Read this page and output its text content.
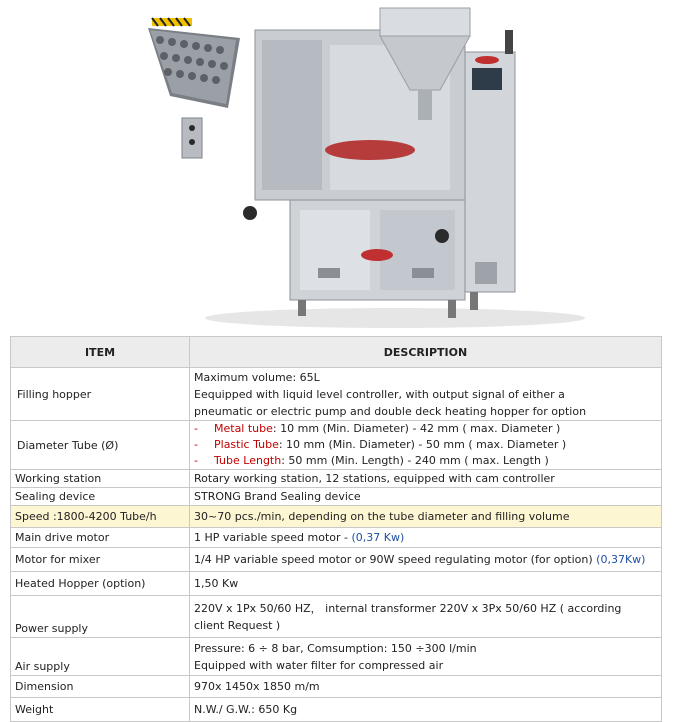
ITEM	DESCRIPTION
Filling hopper	Maximum volume: 65L
Eequipped with liquid level controller, with output signal of either a
pneumatic or electric pump and double deck heating hopper for option

Diameter Tube (Ø)	- Metal tube: 10 mm (Min. Diameter) - 42 mm ( max. Diameter )
- Plastic Tube: 10 mm (Min. Diameter) - 50 mm ( max. Diameter )
- Tube Length: 50 mm (Min. Length) - 240 mm ( max. Length )

Working station	Rotary working station, 12 stations, equipped with cam controller
Sealing device	STRONG Brand Sealing device
Speed :1800-4200 Tube/h	30~70 pcs./min, depending on the tube diameter and filling volume
Main drive motor	1 HP variable speed motor - (0,37 Kw)
Motor for mixer	1/4 HP variable speed motor or 90W speed regulating motor (for option) (0,37Kw)
Heated Hopper (option)	1,50 Kw
Power supply	220V x 1Px 50/60 HZ， internal transformer 220V x 3Px 50/60 HZ ( according
client Request )

Air supply	Pressure: 6 ÷ 8 bar, Comsumption: 150 ÷300 l/min
Equipped with water filter for compressed air

Dimension	970x 1450x 1850 m/m
Weight	N.W./ G.W.: 650 Kg
